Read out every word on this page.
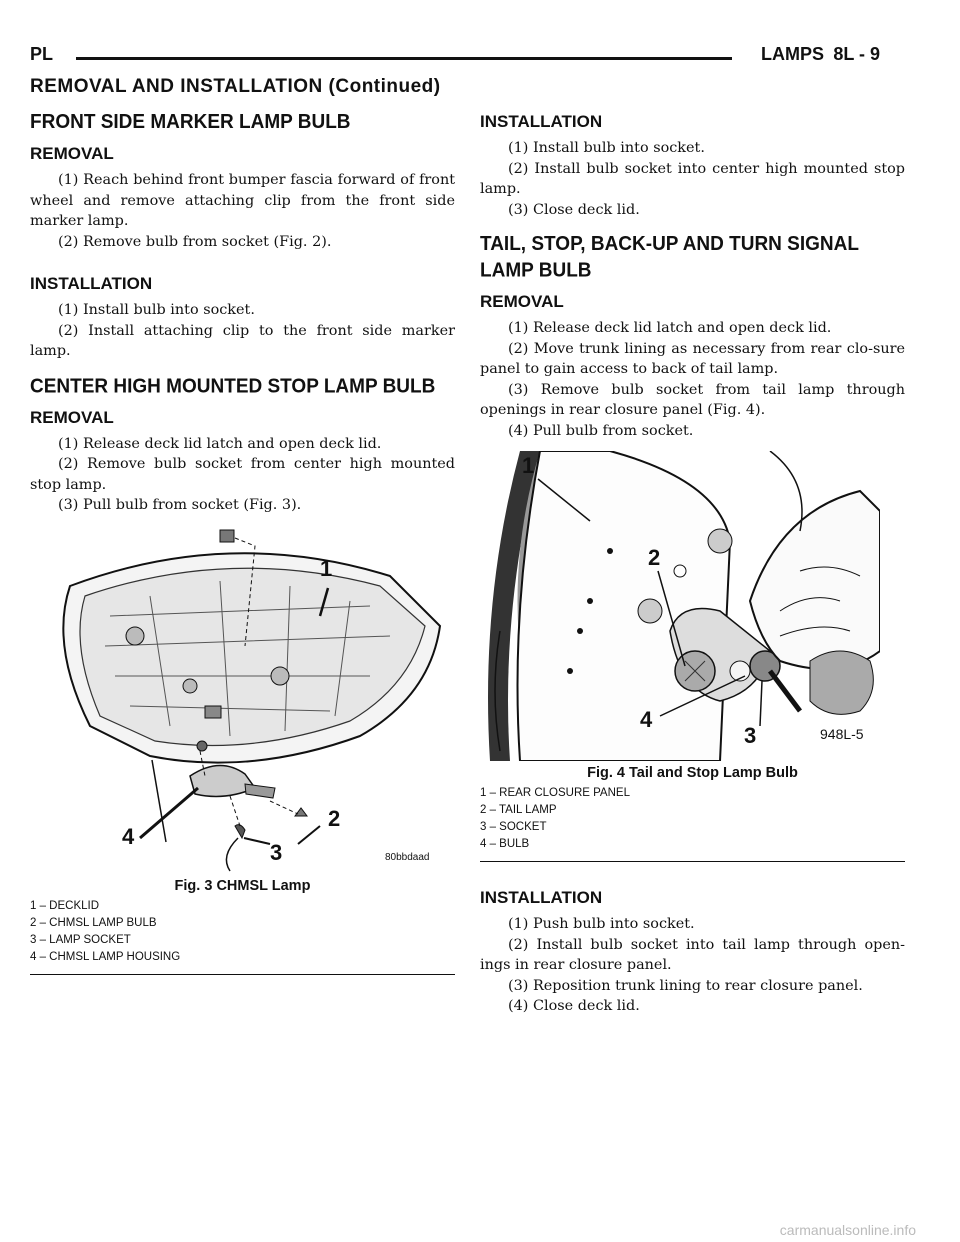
PL	LAMPS 8L - 9
REMOVAL AND INSTALLATION (Continued)
FRONT SIDE MARKER LAMP BULB
REMOVAL

(1) Reach behind front bumper fascia forward of front wheel and remove attaching clip from the front side marker lamp.

(2) Remove bulb from socket (Fig. 2).

INSTALLATION

(1) Install bulb into socket.

(2) Install attaching clip to the front side marker lamp.

CENTER HIGH MOUNTED STOP LAMP BULB
REMOVAL

(1) Release deck lid latch and open deck lid.

(2) Remove bulb socket from center high mounted stop lamp.

(3) Pull bulb from socket (Fig. 3).

1
2
3
4
80bbdaad
Fig. 3 CHMSL Lamp
1 – DECKLID
2 – CHMSL LAMP BULB
3 – LAMP SOCKET
4 – CHMSL LAMP HOUSING
INSTALLATION

(1) Install bulb into socket.

(2) Install bulb socket into center high mounted stop lamp.

(3) Close deck lid.

TAIL, STOP, BACK-UP AND TURN SIGNAL
LAMP BULB
REMOVAL

(1) Release deck lid latch and open deck lid.

(2) Move trunk lining as necessary from rear clo-sure panel to gain access to back of tail lamp.

(3) Remove bulb socket from tail lamp through openings in rear closure panel (Fig. 4).

(4) Pull bulb from socket.

1
2
3
4
948L-5
Fig. 4 Tail and Stop Lamp Bulb
1 – REAR CLOSURE PANEL
2 – TAIL LAMP
3 – SOCKET
4 – BULB
INSTALLATION

(1) Push bulb into socket.

(2) Install bulb socket into tail lamp through open-ings in rear closure panel.

(3) Reposition trunk lining to rear closure panel.

(4) Close deck lid.

carmanualsonline.info
